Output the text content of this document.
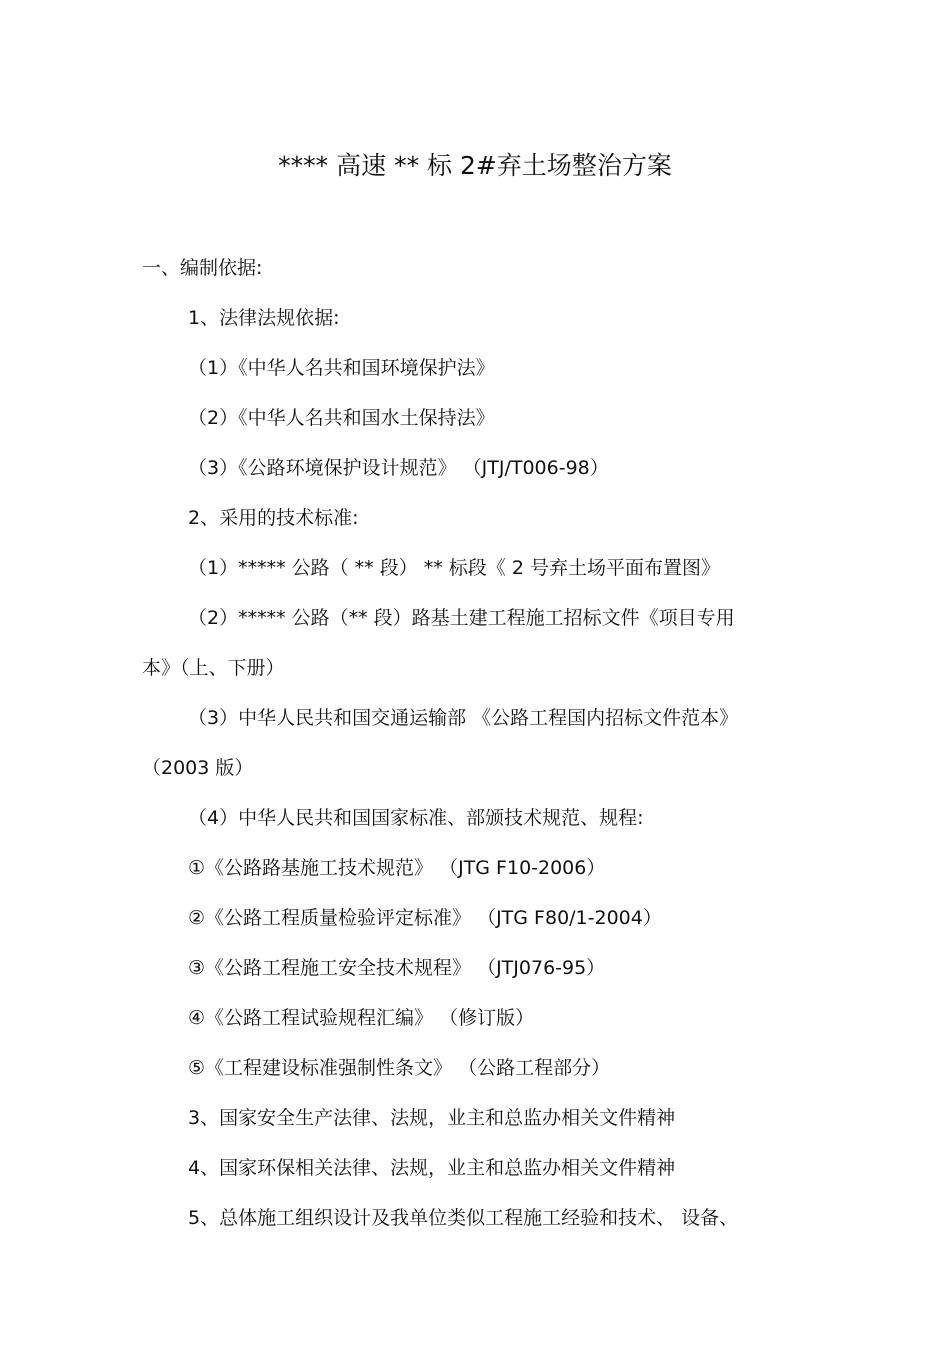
**** 高速 ** 标 2#弃土场整治方案
一、编制依据:
1、法律法规依据:
（1）《中华人名共和国环境保护法》
（2）《中华人名共和国水土保持法》
（3）《公路环境保护设计规范》 （JTJ/T006-98）
2、采用的技术标准:
（1）***** 公路（ ** 段） ** 标段《 2 号弃土场平面布置图》
（2）***** 公路（** 段）路基土建工程施工招标文件《项目专用
本》（上、下册）
（3）中华人民共和国交通运输部 《公路工程国内招标文件范本》
（2003 版）
（4）中华人民共和国国家标准、部颁技术规范、规程:
①《公路路基施工技术规范》 （JTG F10-2006）
②《公路工程质量检验评定标准》 （JTG F80/1-2004）
③《公路工程施工安全技术规程》 （JTJ076-95）
④《公路工程试验规程汇编》 （修订版）
⑤《工程建设标准强制性条文》 （公路工程部分）
3、国家安全生产法律、法规，业主和总监办相关文件精神
4、国家环保相关法律、法规，业主和总监办相关文件精神
5、总体施工组织设计及我单位类似工程施工经验和技术、 设备、
